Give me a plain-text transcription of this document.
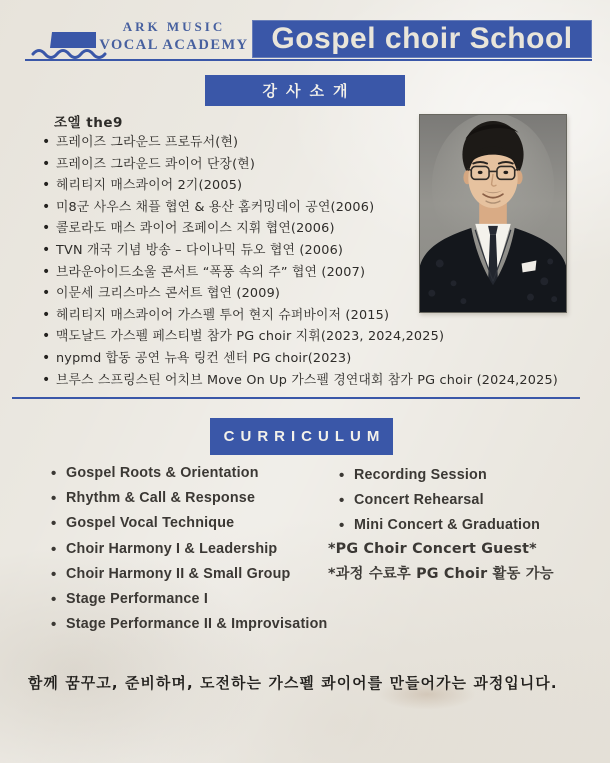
ARK MUSIC
VOCAL ACADEMY Gospel choir School
강사소개
조엘 the9
• 프레이즈 그라운드 프로듀서(현)
• 프레이즈 그라운드 콰이어 단장(현)
• 헤리티지 매스콰이어 2기(2005)
• 미8군 사우스 채플 협연 & 용산 홈커밍데이 공연(2006)
• 콜로라도 매스 콰이어 조페이스 지휘 협연(2006)
• TVN 개국 기념 방송 – 다이나믹 듀오 협연 (2006)
• 브라운아이드소울 콘서트 “폭풍 속의 주” 협연 (2007)
• 이문세 크리스마스 콘서트 협연 (2009)
• 헤리티지 매스콰이어 가스펠 투어 현지 슈퍼바이저 (2015)
• 맥도날드 가스펠 페스티벌 참가 PG choir 지휘(2023, 2024,2025)
• nypmd 합동 공연 뉴욕 링컨 센터 PG choir(2023)
• 브루스 스프링스틴 어치브 Move On Up 가스펠 경연대회 참가 PG choir (2024,2025)
CURRICULUM
• Gospel Roots & Orientation
• Rhythm & Call & Response
• Gospel Vocal Technique
• Choir Harmony I & Leadership
• Choir Harmony II & Small Group
• Stage Performance I
• Stage Performance II & Improvisation
• Recording Session
• Concert Rehearsal
• Mini Concert & Graduation
*PG Choir Concert Guest*
*과정 수료후 PG Choir 활동 가능
함께 꿈꾸고, 준비하며, 도전하는 가스펠 콰이어를 만들어가는 과정입니다.
